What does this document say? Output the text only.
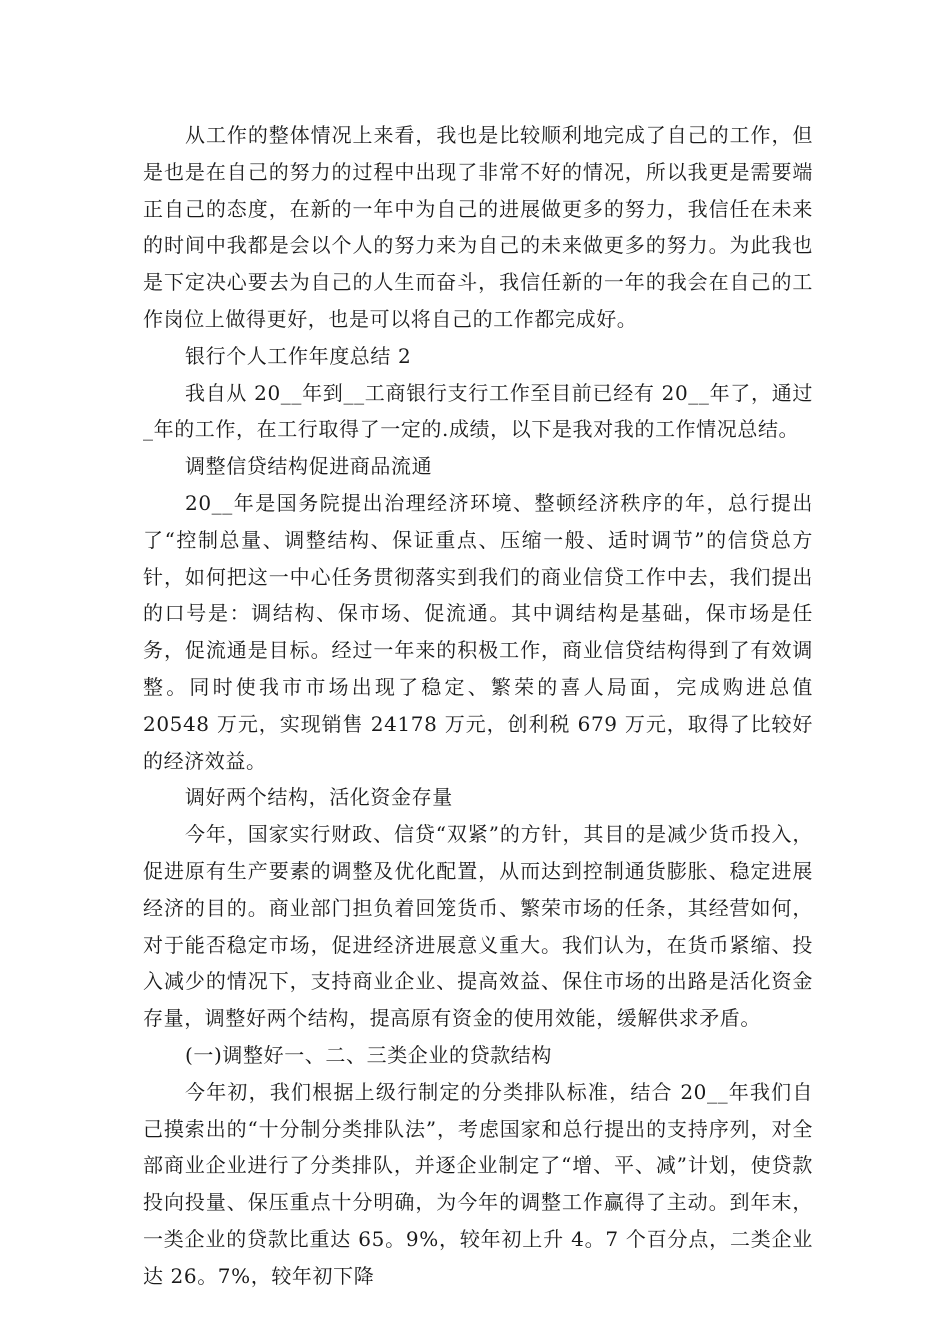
从工作的整体情况上来看，我也是比较顺利地完成了自己的工作，但是也是在自己的努力的过程中出现了非常不好的情况，所以我更是需要端正自己的态度，在新的一年中为自己的进展做更多的努力，我信任在未来的时间中我都是会以个人的努力来为自己的未来做更多的努力。为此我也是下定决心要去为自己的人生而奋斗，我信任新的一年的我会在自己的工作岗位上做得更好，也是可以将自己的工作都完成好。

银行个人工作年度总结 2

我自从 20__年到__工商银行支行工作至目前已经有 20__年了，通过_年的工作，在工行取得了一定的.成绩，以下是我对我的工作情况总结。

调整信贷结构促进商品流通

20__年是国务院提出治理经济环境、整顿经济秩序的年，总行提出了“控制总量、调整结构、保证重点、压缩一般、适时调节”的信贷总方针，如何把这一中心任务贯彻落实到我们的商业信贷工作中去，我们提出的口号是：调结构、保市场、促流通。其中调结构是基础，保市场是任务，促流通是目标。经过一年来的积极工作，商业信贷结构得到了有效调整。同时使我市市场出现了稳定、繁荣的喜人局面，完成购进总值 20548 万元，实现销售 24178 万元，创利税 679 万元，取得了比较好的经济效益。

调好两个结构，活化资金存量

今年，国家实行财政、信贷“双紧”的方针，其目的是减少货币投入，促进原有生产要素的调整及优化配置，从而达到控制通货膨胀、稳定进展经济的目的。商业部门担负着回笼货币、繁荣市场的任条，其经营如何，对于能否稳定市场，促进经济进展意义重大。我们认为，在货币紧缩、投入减少的情况下，支持商业企业、提高效益、保住市场的出路是活化资金存量，调整好两个结构，提高原有资金的使用效能，缓解供求矛盾。

(一)调整好一、二、三类企业的贷款结构

今年初，我们根据上级行制定的分类排队标准，结合 20__年我们自己摸索出的“十分制分类排队法”，考虑国家和总行提出的支持序列，对全部商业企业进行了分类排队，并逐企业制定了“增、平、减”计划，使贷款投向投量、保压重点十分明确，为今年的调整工作赢得了主动。到年末，一类企业的贷款比重达 65。9%，较年初上升 4。7 个百分点，二类企业达 26。7%，较年初下降
